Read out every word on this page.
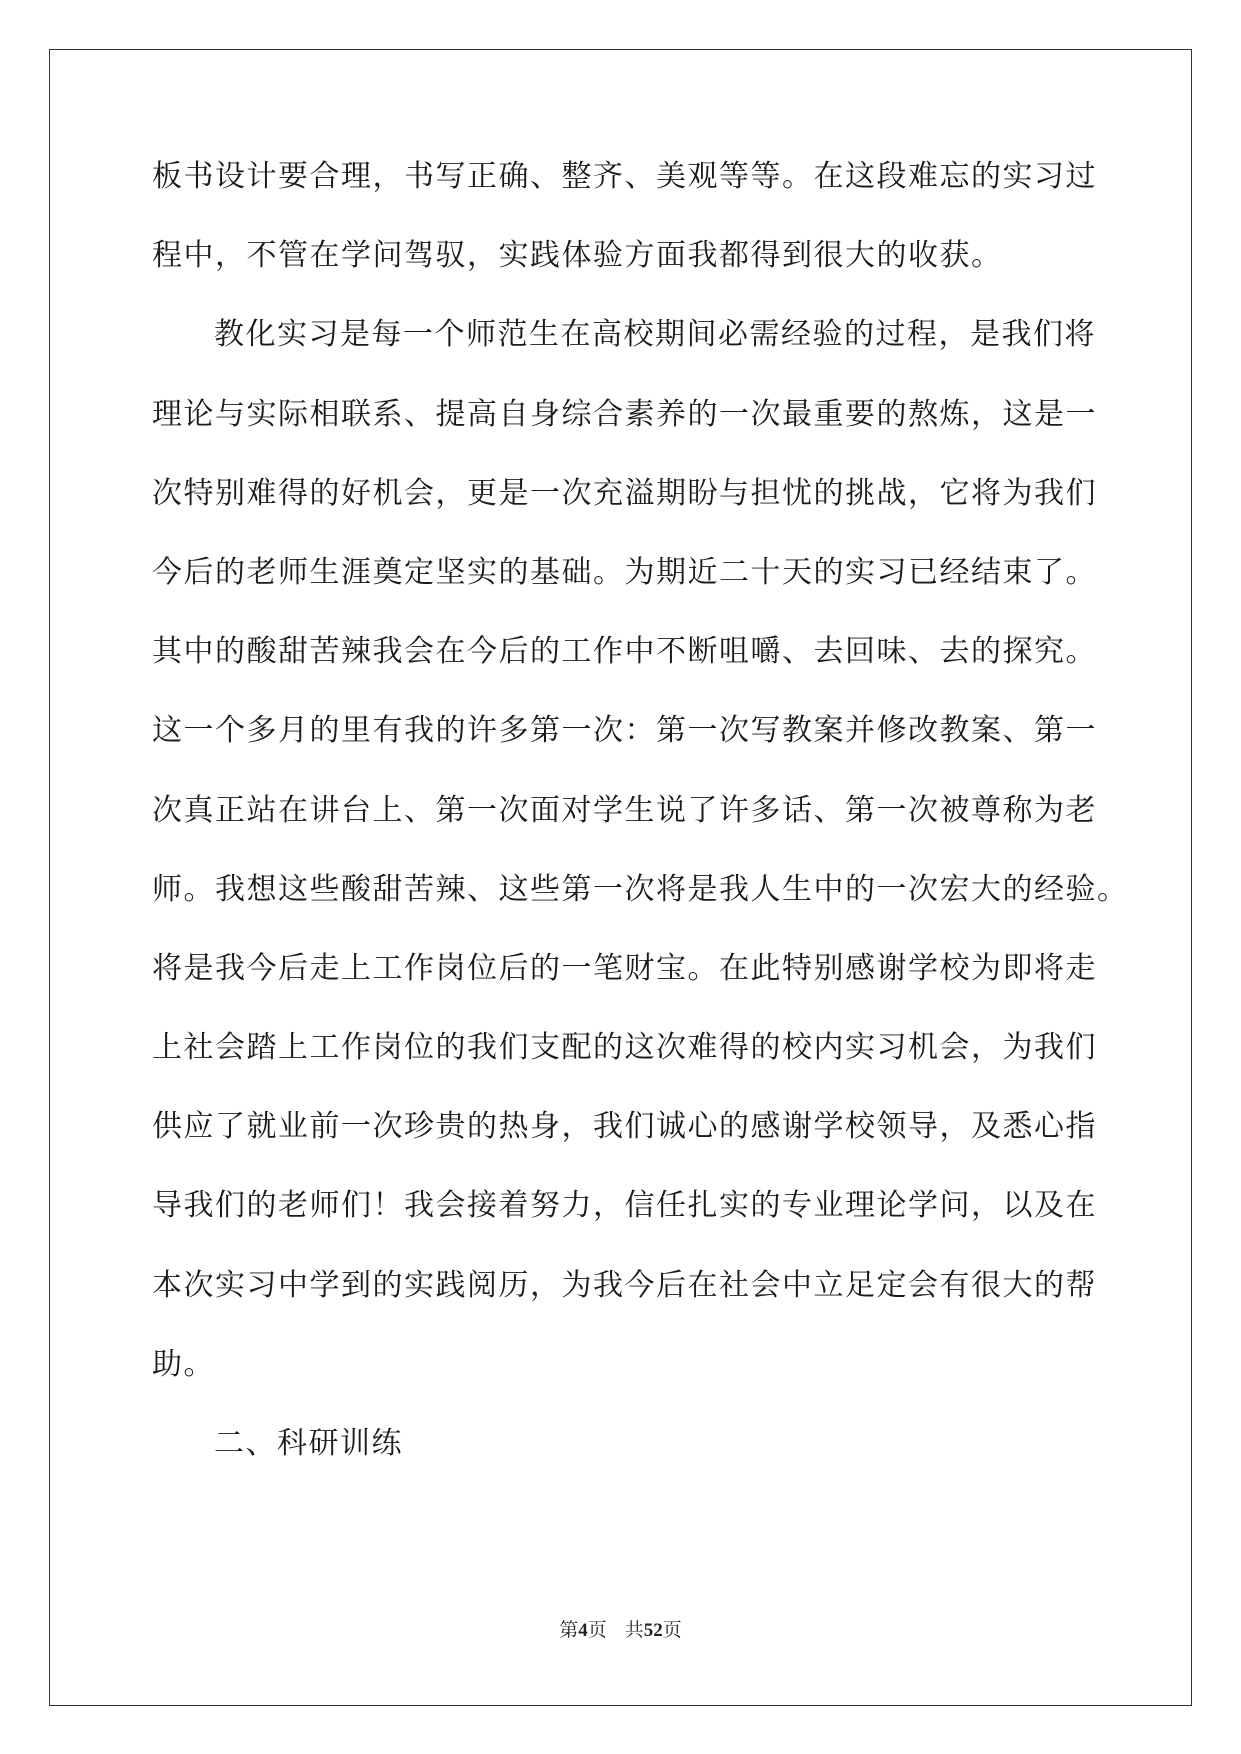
板书设计要合理，书写正确、整齐、美观等等。在这段难忘的实习过
程中，不管在学问驾驭，实践体验方面我都得到很大的收获。
教化实习是每一个师范生在高校期间必需经验的过程，是我们将
理论与实际相联系、提高自身综合素养的一次最重要的熬炼，这是一
次特别难得的好机会，更是一次充溢期盼与担忧的挑战，它将为我们
今后的老师生涯奠定坚实的基础。为期近二十天的实习已经结束了。
其中的酸甜苦辣我会在今后的工作中不断咀嚼、去回味、去的探究。
这一个多月的里有我的许多第一次：第一次写教案并修改教案、第一
次真正站在讲台上、第一次面对学生说了许多话、第一次被尊称为老
师。我想这些酸甜苦辣、这些第一次将是我人生中的一次宏大的经验。
将是我今后走上工作岗位后的一笔财宝。在此特别感谢学校为即将走
上社会踏上工作岗位的我们支配的这次难得的校内实习机会，为我们
供应了就业前一次珍贵的热身，我们诚心的感谢学校领导，及悉心指
导我们的老师们！我会接着努力，信任扎实的专业理论学问，以及在
本次实习中学到的实践阅历，为我今后在社会中立足定会有很大的帮
助。
二、科研训练
第4页 共52页
